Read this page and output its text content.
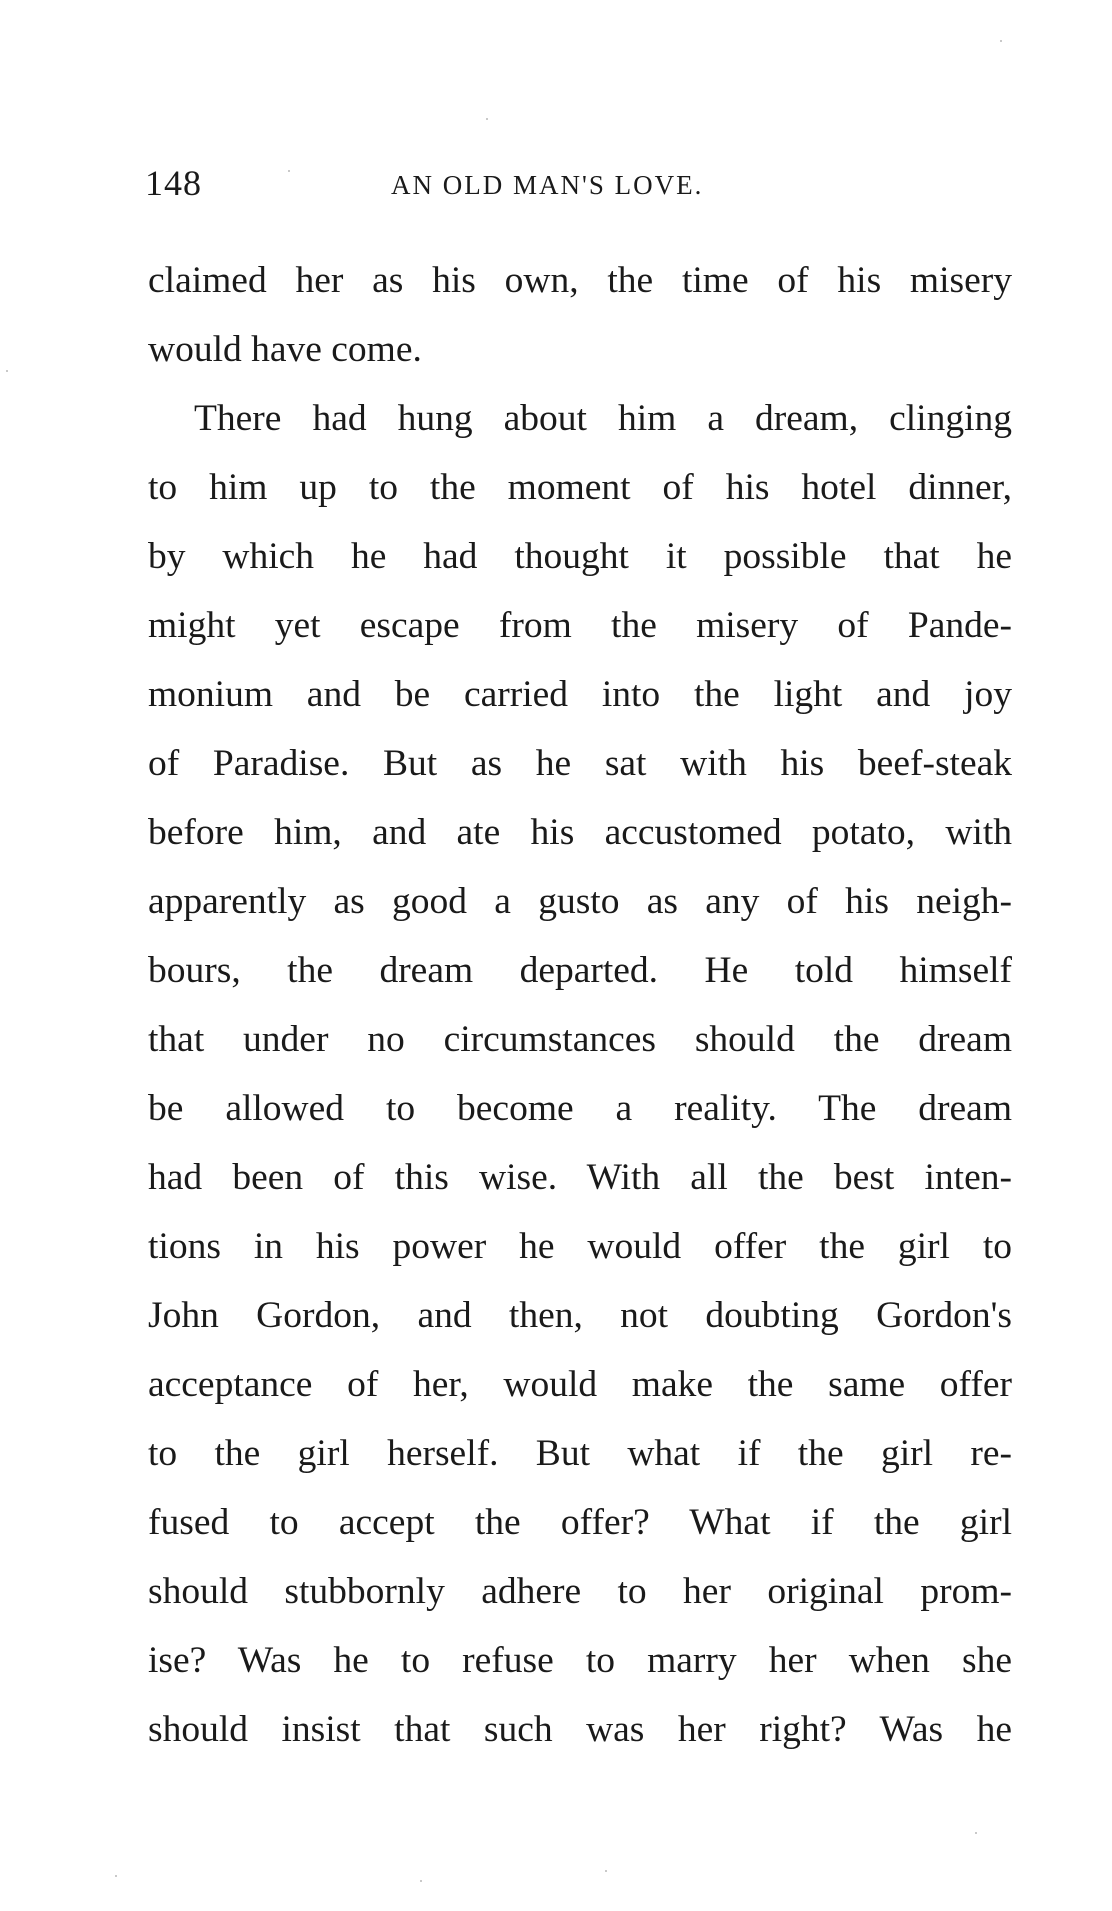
148	AN OLD MAN'S LOVE.
claimed her as his own, the time of his misery
would have come.
There had hung about him a dream, clinging
to him up to the moment of his hotel dinner,
by which he had thought it possible that he
might yet escape from the misery of Pande-
monium and be carried into the light and joy
of Paradise. But as he sat with his beef-steak
before him, and ate his accustomed potato, with
apparently as good a gusto as any of his neigh-
bours, the dream departed. He told himself
that under no circumstances should the dream
be allowed to become a reality. The dream
had been of this wise. With all the best inten-
tions in his power he would offer the girl to
John Gordon, and then, not doubting Gordon's
acceptance of her, would make the same offer
to the girl herself. But what if the girl re-
fused to accept the offer? What if the girl
should stubbornly adhere to her original prom-
ise? Was he to refuse to marry her when she
should insist that such was her right? Was he
